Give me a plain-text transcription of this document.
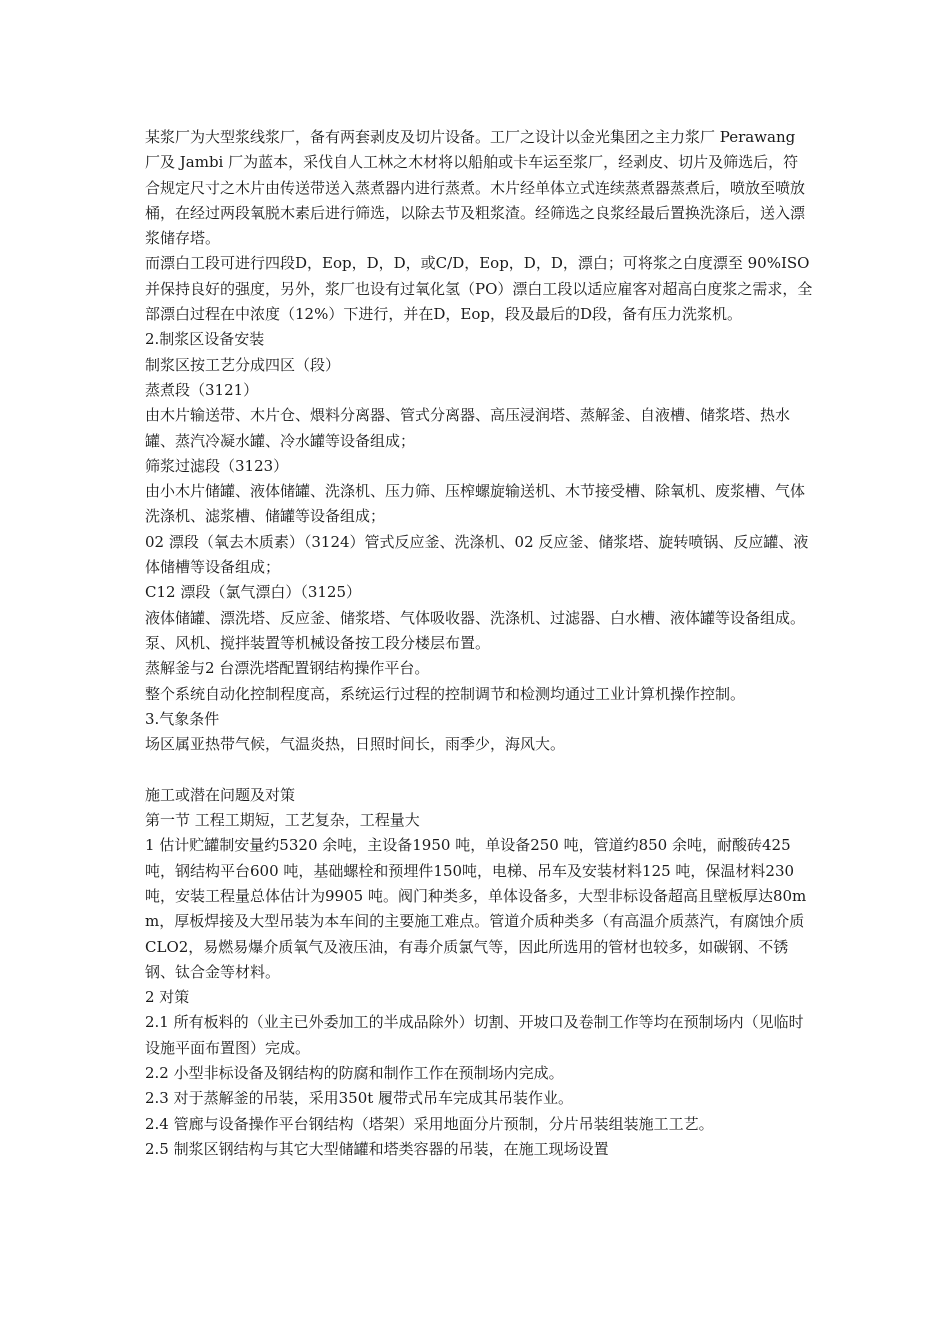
某浆厂为大型浆线浆厂，备有两套剥皮及切片设备。工厂之设计以金光集团之主力浆厂 Perawang 厂及 Jambi 厂为蓝本，采伐自人工林之木材将以船舶或卡车运至浆厂，经剥皮、切片及筛选后，符合规定尺寸之木片由传送带送入蒸煮器内进行蒸煮。木片经单体立式连续蒸煮器蒸煮后，喷放至喷放桶，在经过两段氧脱木素后进行筛选，以除去节及粗浆渣。经筛选之良浆经最后置换洗涤后，送入漂浆储存塔。

而漂白工段可进行四段D，Eop，D，D，或C/D，Eop，D，D，漂白；可将浆之白度漂至 90%ISO 并保持良好的强度，另外，浆厂也设有过氧化氢（PO）漂白工段以适应雇客对超高白度浆之需求，全部漂白过程在中浓度（12%）下进行，并在D，Eop，段及最后的D段，备有压力洗浆机。

2.制浆区设备安装

制浆区按工艺分成四区（段）

蒸煮段（3121）

由木片输送带、木片仓、煨料分离器、管式分离器、高压浸润塔、蒸解釜、自液槽、储浆塔、热水罐、蒸汽冷凝水罐、冷水罐等设备组成；

筛浆过滤段（3123）

由小木片储罐、液体储罐、洗涤机、压力筛、压榨螺旋输送机、木节接受槽、除氧机、废浆槽、气体洗涤机、滤浆槽、储罐等设备组成；

02 漂段（氧去木质素）（3124）管式反应釜、洗涤机、02 反应釜、储浆塔、旋转喷锅、反应罐、液体储槽等设备组成；

C12 漂段（氯气漂白）（3125）

液体储罐、漂洗塔、反应釜、储浆塔、气体吸收器、洗涤机、过滤器、白水槽、液体罐等设备组成。

泵、风机、搅拌装置等机械设备按工段分楼层布置。

蒸解釜与2 台漂洗塔配置钢结构操作平台。

整个系统自动化控制程度高，系统运行过程的控制调节和检测均通过工业计算机操作控制。

3.气象条件

场区属亚热带气候，气温炎热，日照时间长，雨季少，海风大。

施工或潜在问题及对策

第一节 工程工期短，工艺复杂，工程量大

1 估计贮罐制安量约5320 余吨，主设备1950 吨，单设备250 吨，管道约850 余吨，耐酸砖425 吨，钢结构平台600 吨，基础螺栓和预埋件150吨，电梯、吊车及安装材料125 吨，保温材料230 吨，安装工程量总体估计为9905 吨。阀门种类多，单体设备多，大型非标设备超高且壁板厚达80mm，厚板焊接及大型吊装为本车间的主要施工难点。管道介质种类多（有高温介质蒸汽，有腐蚀介质CLO2，易燃易爆介质氧气及液压油，有毒介质氯气等，因此所选用的管材也较多，如碳钢、不锈钢、钛合金等材料。

2 对策

2.1 所有板料的（业主已外委加工的半成品除外）切割、开坡口及卷制工作等均在预制场内（见临时设施平面布置图）完成。

2.2 小型非标设备及钢结构的防腐和制作工作在预制场内完成。

2.3 对于蒸解釜的吊装，采用350t 履带式吊车完成其吊装作业。

2.4 管廊与设备操作平台钢结构（塔架）采用地面分片预制，分片吊装组装施工工艺。

2.5 制浆区钢结构与其它大型储罐和塔类容器的吊装，在施工现场设置
